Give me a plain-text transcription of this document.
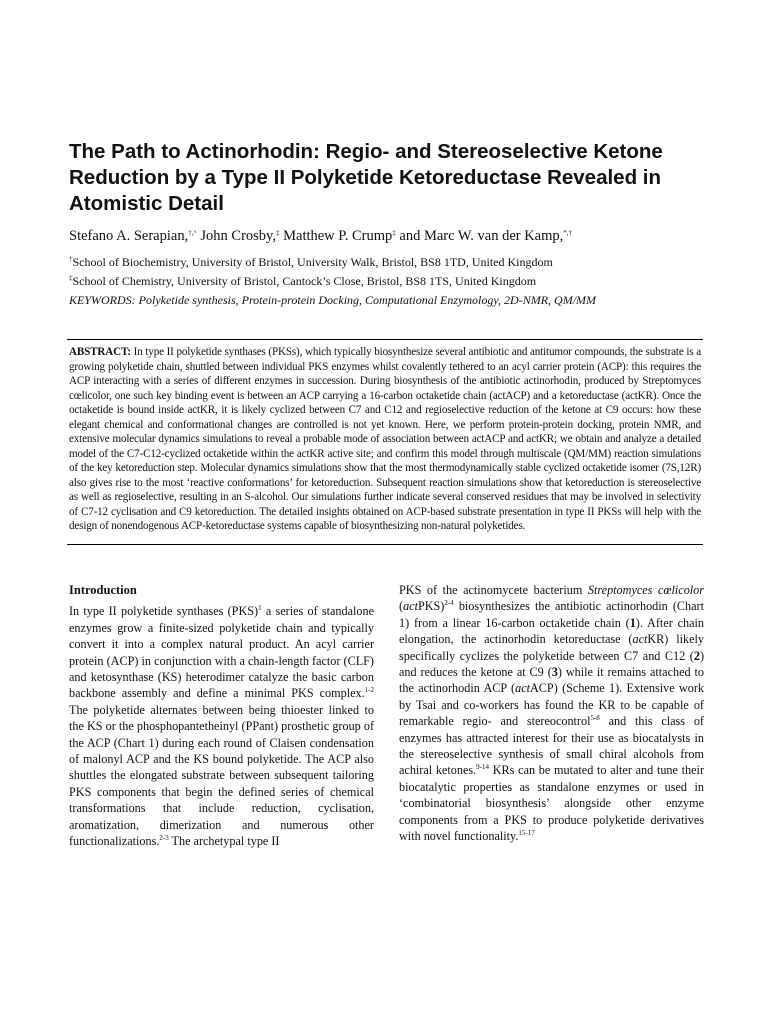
The Path to Actinorhodin: Regio- and Stereoselective Ketone Reduction by a Type II Polyketide Ketoreductase Revealed in Atomistic Detail
Stefano A. Serapian,†,^ John Crosby,‡ Matthew P. Crump‡ and Marc W. van der Kamp,*,†
†School of Biochemistry, University of Bristol, University Walk, Bristol, BS8 1TD, United Kingdom
‡School of Chemistry, University of Bristol, Cantock’s Close, Bristol, BS8 1TS, United Kingdom
KEYWORDS: Polyketide synthesis, Protein-protein Docking, Computational Enzymology, 2D-NMR, QM/MM

ABSTRACT: In type II polyketide synthases (PKSs), which typically biosynthesize several antibiotic and antitumor compounds, the substrate is a growing polyketide chain, shuttled between individual PKS enzymes whilst covalently tethered to an acyl carrier protein (ACP): this requires the ACP interacting with a series of different enzymes in succession. During biosynthesis of the antibiotic actinorhodin, produced by Streptomyces cœlicolor, one such key binding event is between an ACP carrying a 16-carbon octaketide chain (actACP) and a ketoreductase (actKR). Once the octaketide is bound inside actKR, it is likely cyclized between C7 and C12 and regioselective reduction of the ketone at C9 occurs: how these elegant chemical and conformational changes are controlled is not yet known. Here, we perform protein-protein docking, protein NMR, and extensive molecular dynamics simulations to reveal a probable mode of association between actACP and actKR; we obtain and analyze a detailed model of the C7-C12-cyclized octaketide within the actKR active site; and confirm this model through multiscale (QM/MM) reaction simulations of the key ketoreduction step. Molecular dynamics simulations show that the most thermodynamically stable cyclized octaketide isomer (7S,12R) also gives rise to the most ‘reactive conformations’ for ketoreduction. Subsequent reaction simulations show that ketoreduction is stereoselective as well as regioselective, resulting in an S-alcohol. Our simulations further indicate several conserved residues that may be involved in selectivity of C7-12 cyclisation and C9 ketoreduction. The detailed insights obtained on ACP-based substrate presentation in type II PKSs will help with the design of nonendogenous ACP-ketoreductase systems capable of biosynthesizing non-natural polyketides.

Introduction

In type II polyketide synthases (PKS)$^1$ a series of standalone enzymes grow a finite-sized polyketide chain and typically convert it into a complex natural product. An acyl carrier protein (ACP) in conjunction with a chain-length factor (CLF) and ketosynthase (KS) heterodimer catalyze the basic carbon backbone assembly and define a minimal PKS complex.$^{1-2}$ The polyketide alternates between being thioester linked to the KS or the phosphopantetheinyl (PPant) prosthetic group of the ACP (Chart 1) during each round of Claisen condensation of malonyl ACP and the KS bound polyketide. The ACP also shuttles the elongated substrate between subsequent tailoring PKS components that begin the defined series of chemical transformations that include reduction, cyclisation, aromatization, dimerization and numerous other functionalizations.$^{2-3}$ The archetypal type II

PKS of the actinomycete bacterium Streptomyces cœlicolor (actPKS)$^{2-4}$ biosynthesizes the antibiotic actinorhodin (Chart 1) from a linear 16-carbon octaketide chain (1). After chain elongation, the actinorhodin ketoreductase (actKR) likely specifically cyclizes the polyketide between C7 and C12 (2) and reduces the ketone at C9 (3) while it remains attached to the actinorhodin ACP (actACP) (Scheme 1). Extensive work by Tsai and co-workers has found the KR to be capable of remarkable regio- and stereocontrol$^{5-8}$ and this class of enzymes has attracted interest for their use as biocatalysts in the stereoselective synthesis of small chiral alcohols from achiral ketones.$^{9-14}$ KRs can be mutated to alter and tune their biocatalytic properties as standalone enzymes or used in ‘combinatorial biosynthesis’ alongside other enzyme components from a PKS to produce polyketide derivatives with novel functionality.$^{15-17}$
